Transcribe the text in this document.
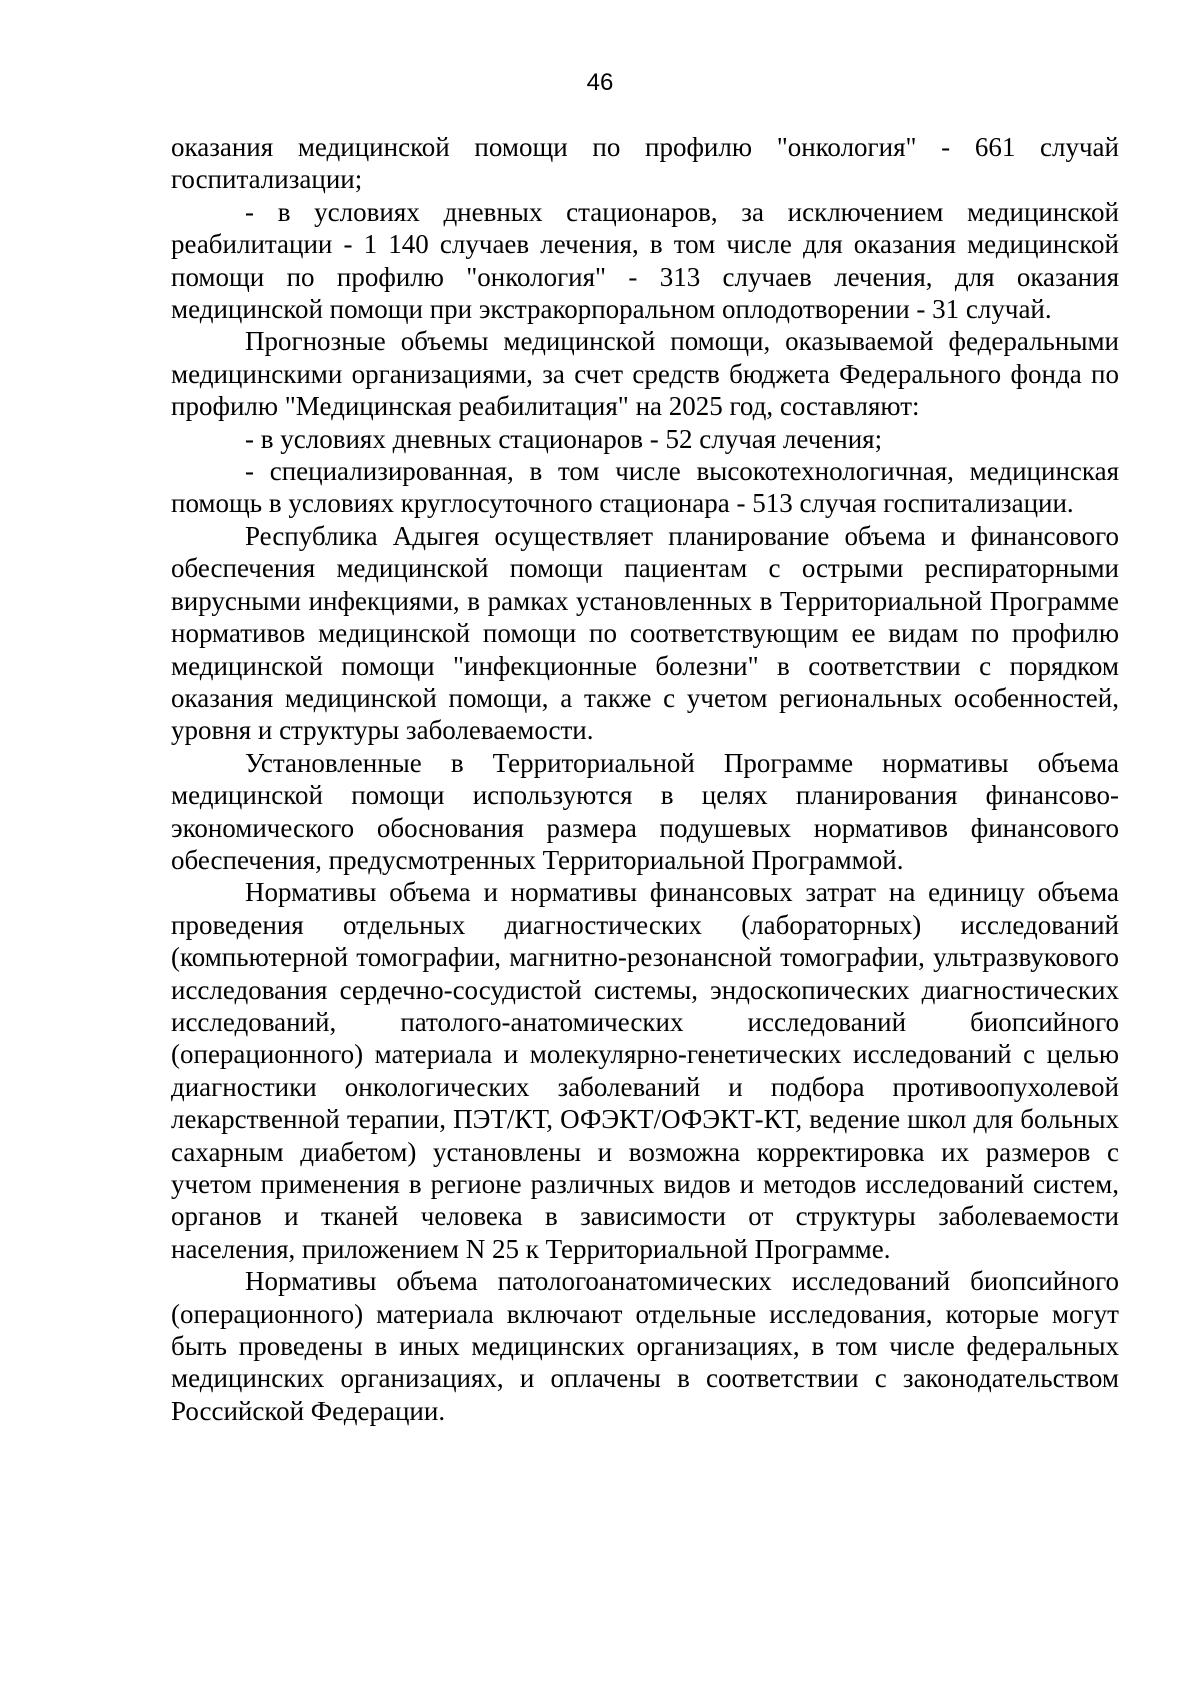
46

оказания медицинской помощи по профилю "онкология" - 661 случай госпитализации;

- в условиях дневных стационаров, за исключением медицинской реабилитации - 1 140 случаев лечения, в том числе для оказания медицинской помощи по профилю "онкология" - 313 случаев лечения, для оказания медицинской помощи при экстракорпоральном оплодотворении - 31 случай.

Прогнозные объемы медицинской помощи, оказываемой федеральными медицинскими организациями, за счет средств бюджета Федерального фонда по профилю "Медицинская реабилитация" на 2025 год, составляют:

- в условиях дневных стационаров - 52 случая лечения;

- специализированная, в том числе высокотехнологичная, медицинская помощь в условиях круглосуточного стационара - 513 случая госпитализации.

Республика Адыгея осуществляет планирование объема и финансового обеспечения медицинской помощи пациентам с острыми респираторными вирусными инфекциями, в рамках установленных в Территориальной Программе нормативов медицинской помощи по соответствующим ее видам по профилю медицинской помощи "инфекционные болезни" в соответствии с порядком оказания медицинской помощи, а также с учетом региональных особенностей, уровня и структуры заболеваемости.

Установленные в Территориальной Программе нормативы объема медицинской помощи используются в целях планирования финансово-экономического обоснования размера подушевых нормативов финансового обеспечения, предусмотренных Территориальной Программой.

Нормативы объема и нормативы финансовых затрат на единицу объема проведения отдельных диагностических (лабораторных) исследований (компьютерной томографии, магнитно-резонансной томографии, ультразвукового исследования сердечно-сосудистой системы, эндоскопических диагностических исследований, патолого-анатомических исследований биопсийного (операционного) материала и молекулярно-генетических исследований с целью диагностики онкологических заболеваний и подбора противоопухолевой лекарственной терапии, ПЭТ/КТ, ОФЭКТ/ОФЭКТ-КТ, ведение школ для больных сахарным диабетом) установлены и возможна корректировка их размеров с учетом применения в регионе различных видов и методов исследований систем, органов и тканей человека в зависимости от структуры заболеваемости населения, приложением N 25 к Территориальной Программе.

Нормативы объема патологоанатомических исследований биопсийного (операционного) материала включают отдельные исследования, которые могут быть проведены в иных медицинских организациях, в том числе федеральных медицинских организациях, и оплачены в соответствии с законодательством Российской Федерации.
